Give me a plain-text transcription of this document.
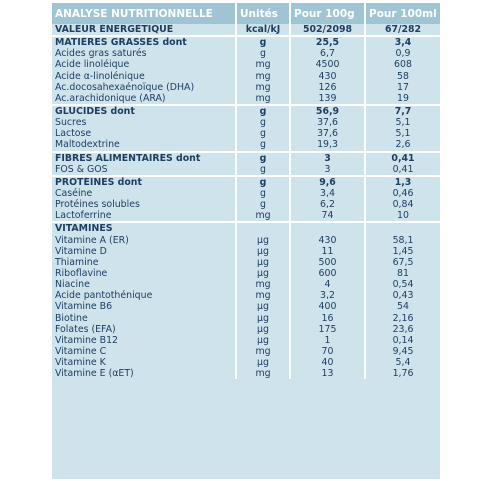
ANALYSE NUTRITIONNELLE	Unités	Pour 100g	Pour 100ml
VALEUR ÉNERGÉTIQUE	kcal/kJ	502/2098	67/282
MATIÈRES GRASSES dont	g	25,5	3,4
Acides gras saturés	g	6,7	0,9
Acide linoléique	mg	4500	608
Acide α-linolénique	mg	430	58
Ac.docosahexaénoïque (DHA)	mg	126	17
Ac.arachidonique (ARA)	mg	139	19
GLUCIDES dont	g	56,9	7,7
Sucres	g	37,6	5,1
Lactose	g	37,6	5,1
Maltodextrine	g	19,3	2,6
FIBRES ALIMENTAIRES dont	g	3	0,41
FOS & GOS	g	3	0,41
PROTÉINES dont	g	9,6	1,3
Caséine	g	3,4	0,46
Protéines solubles	g	6,2	0,84
Lactoferrine	mg	74	10
VITAMINES			
Vitamine A (ER)	µg	430	58,1
Vitamine D	µg	11	1,45
Thiamine	µg	500	67,5
Riboflavine	µg	600	81
Niacine	mg	4	0,54
Acide pantothénique	mg	3,2	0,43
Vitamine B6	µg	400	54
Biotine	µg	16	2,16
Folates (EFA)	µg	175	23,6
Vitamine B12	µg	1	0,14
Vitamine C	mg	70	9,45
Vitamine K	µg	40	5,4
Vitamine E (αET)	mg	13	1,76
